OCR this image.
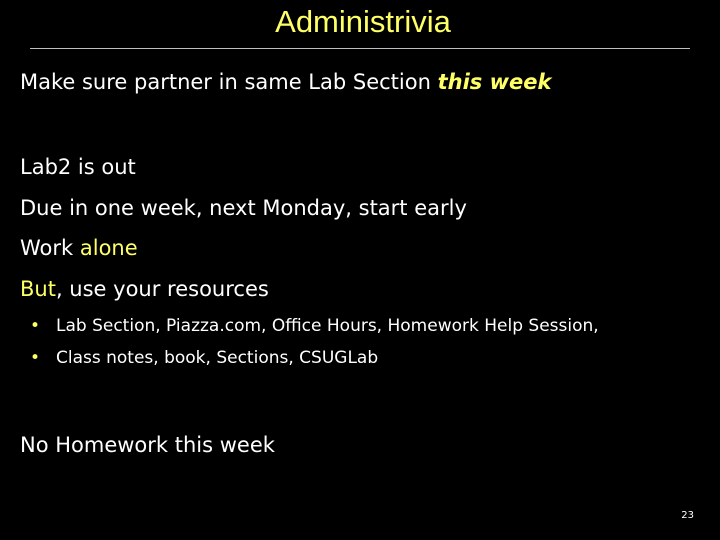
Administrivia
Make sure partner in same Lab Section this week
Lab2 is out
Due in one week, next Monday, start early
Work alone
But, use your resources
• Lab Section, Piazza.com, Office Hours, Homework Help Session,
• Class notes, book, Sections, CSUGLab
No Homework this week
23
